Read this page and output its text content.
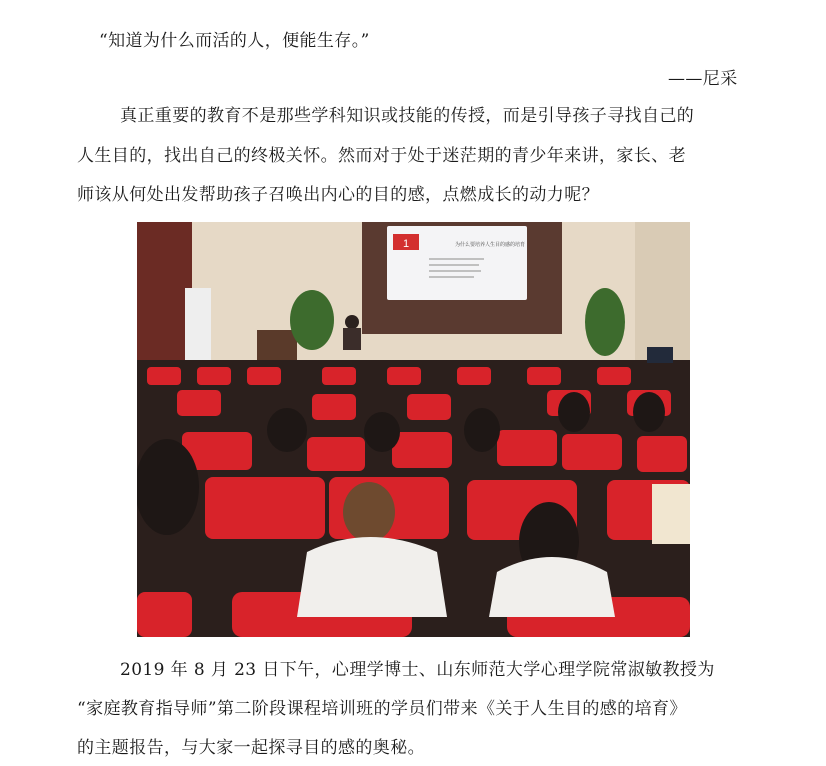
“知道为什么而活的人，便能生存。”
——尼采
真正重要的教育不是那些学科知识或技能的传授，而是引导孩子寻找自己的
人生目的，找出自己的终极关怀。然而对于处于迷茫期的青少年来讲，家长、老
师该从何处出发帮助孩子召唤出内心的目的感，点燃成长的动力呢？
1	为什么要培养人生目的感的培育
2019 年 8 月 23 日下午，心理学博士、山东师范大学心理学院常淑敏教授为
“家庭教育指导师”第二阶段课程培训班的学员们带来《关于人生目的感的培育》
的主题报告，与大家一起探寻目的感的奥秘。
